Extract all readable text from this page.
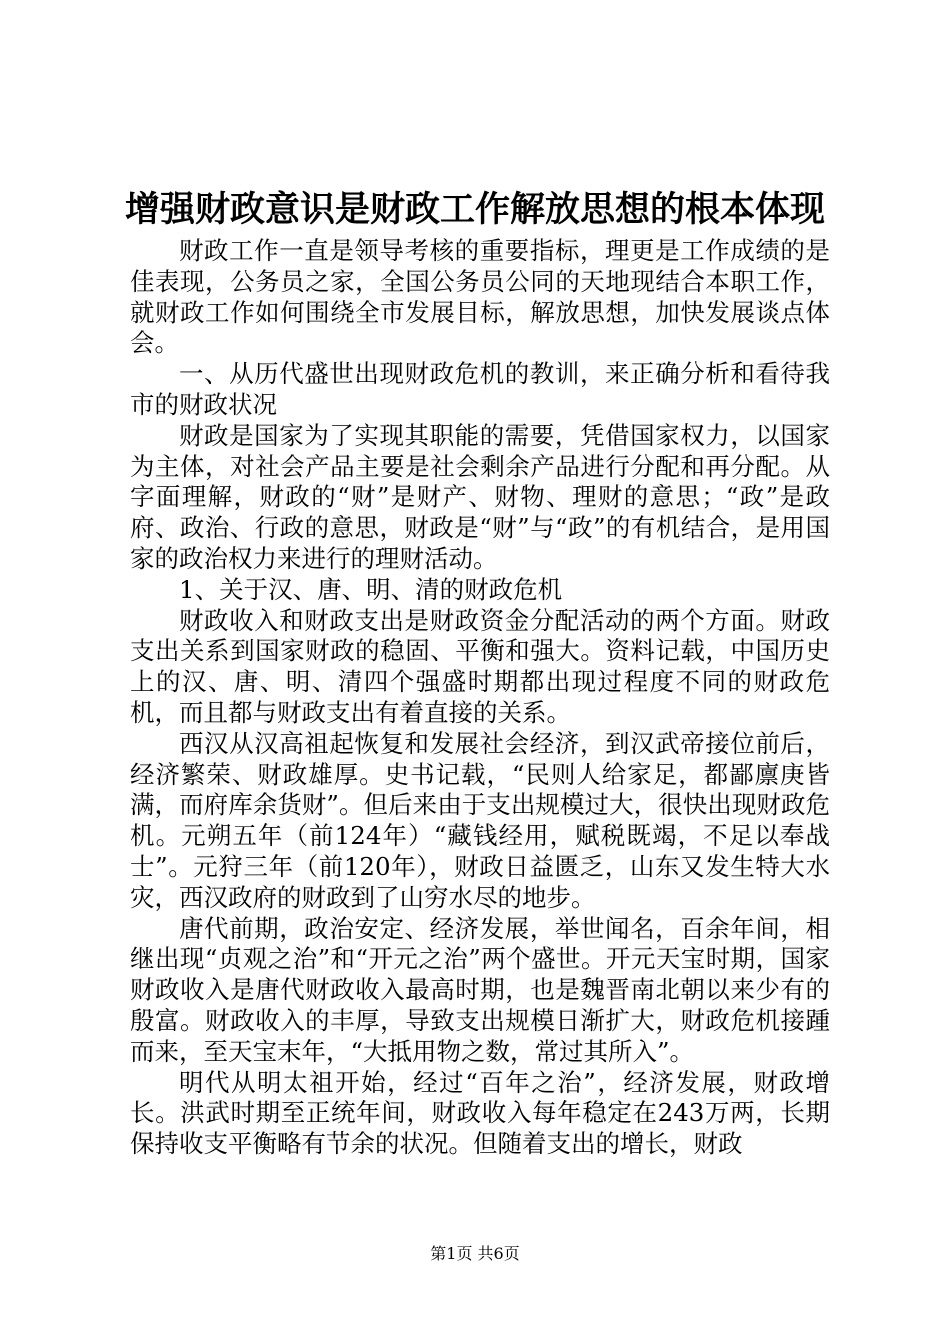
增强财政意识是财政工作解放思想的根本体现

财政工作一直是领导考核的重要指标，理更是工作成绩的是佳表现，公务员之家，全国公务员公同的天地现结合本职工作，就财政工作如何围绕全市发展目标，解放思想，加快发展谈点体会。

一、从历代盛世出现财政危机的教训，来正确分析和看待我市的财政状况

财政是国家为了实现其职能的需要，凭借国家权力，以国家为主体，对社会产品主要是社会剩余产品进行分配和再分配。从字面理解，财政的“财”是财产、财物、理财的意思；“政”是政府、政治、行政的意思，财政是“财”与“政”的有机结合，是用国家的政治权力来进行的理财活动。

1、关于汉、唐、明、清的财政危机

财政收入和财政支出是财政资金分配活动的两个方面。财政支出关系到国家财政的稳固、平衡和强大。资料记载，中国历史上的汉、唐、明、清四个强盛时期都出现过程度不同的财政危机，而且都与财政支出有着直接的关系。

西汉从汉高祖起恢复和发展社会经济，到汉武帝接位前后，经济繁荣、财政雄厚。史书记载，“民则人给家足，都鄙廪庚皆满，而府库余货财”。但后来由于支出规模过大，很快出现财政危机。元朔五年（前124年）“藏钱经用，赋税既竭，不足以奉战士”。元狩三年（前120年），财政日益匮乏，山东又发生特大水灾，西汉政府的财政到了山穷水尽的地步。

唐代前期，政治安定、经济发展，举世闻名，百余年间，相继出现“贞观之治”和“开元之治”两个盛世。开元天宝时期，国家财政收入是唐代财政收入最高时期，也是魏晋南北朝以来少有的殷富。财政收入的丰厚，导致支出规模日渐扩大，财政危机接踵而来，至天宝末年，“大抵用物之数，常过其所入”。

明代从明太祖开始，经过“百年之治”，经济发展，财政增长。洪武时期至正统年间，财政收入每年稳定在243万两，长期保持收支平衡略有节余的状况。但随着支出的增长，财政

第1页 共6页
